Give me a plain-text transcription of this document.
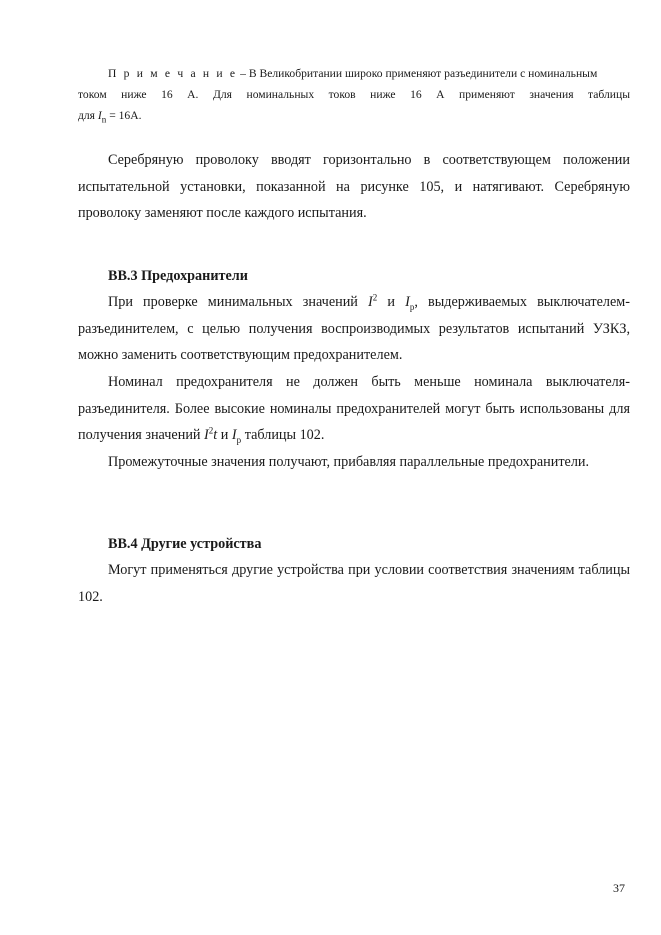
П р и м е ч а н и е – В Великобритании широко применяют разъединители с номинальным
током ниже 16 А. Для номинальных токов ниже 16 А применяют значения таблицы
для $I_n = 16А$.

Серебряную проволоку вводят горизонтально в соответствующем положении испытательной установки, показанной на рисунке 105, и натягивают. Серебряную проволоку заменяют после каждого испытания.

ВВ.3 Предохранители

При проверке минимальных значений $I^2$ и $I_р$, выдерживаемых выключателем-разъединителем, с целью получения воспроизводимых результатов испытаний УЗКЗ, можно заменить соответствующим предохранителем.

Номинал предохранителя не должен быть меньше номинала выключателя-разъединителя. Более высокие номиналы предохранителей могут быть использованы для получения значений $I^2t$ и $I_р$ таблицы 102.

Промежуточные значения получают, прибавляя параллельные предохранители.

ВВ.4 Другие устройства

Могут применяться другие устройства при условии соответствия значениям таблицы 102.

37
